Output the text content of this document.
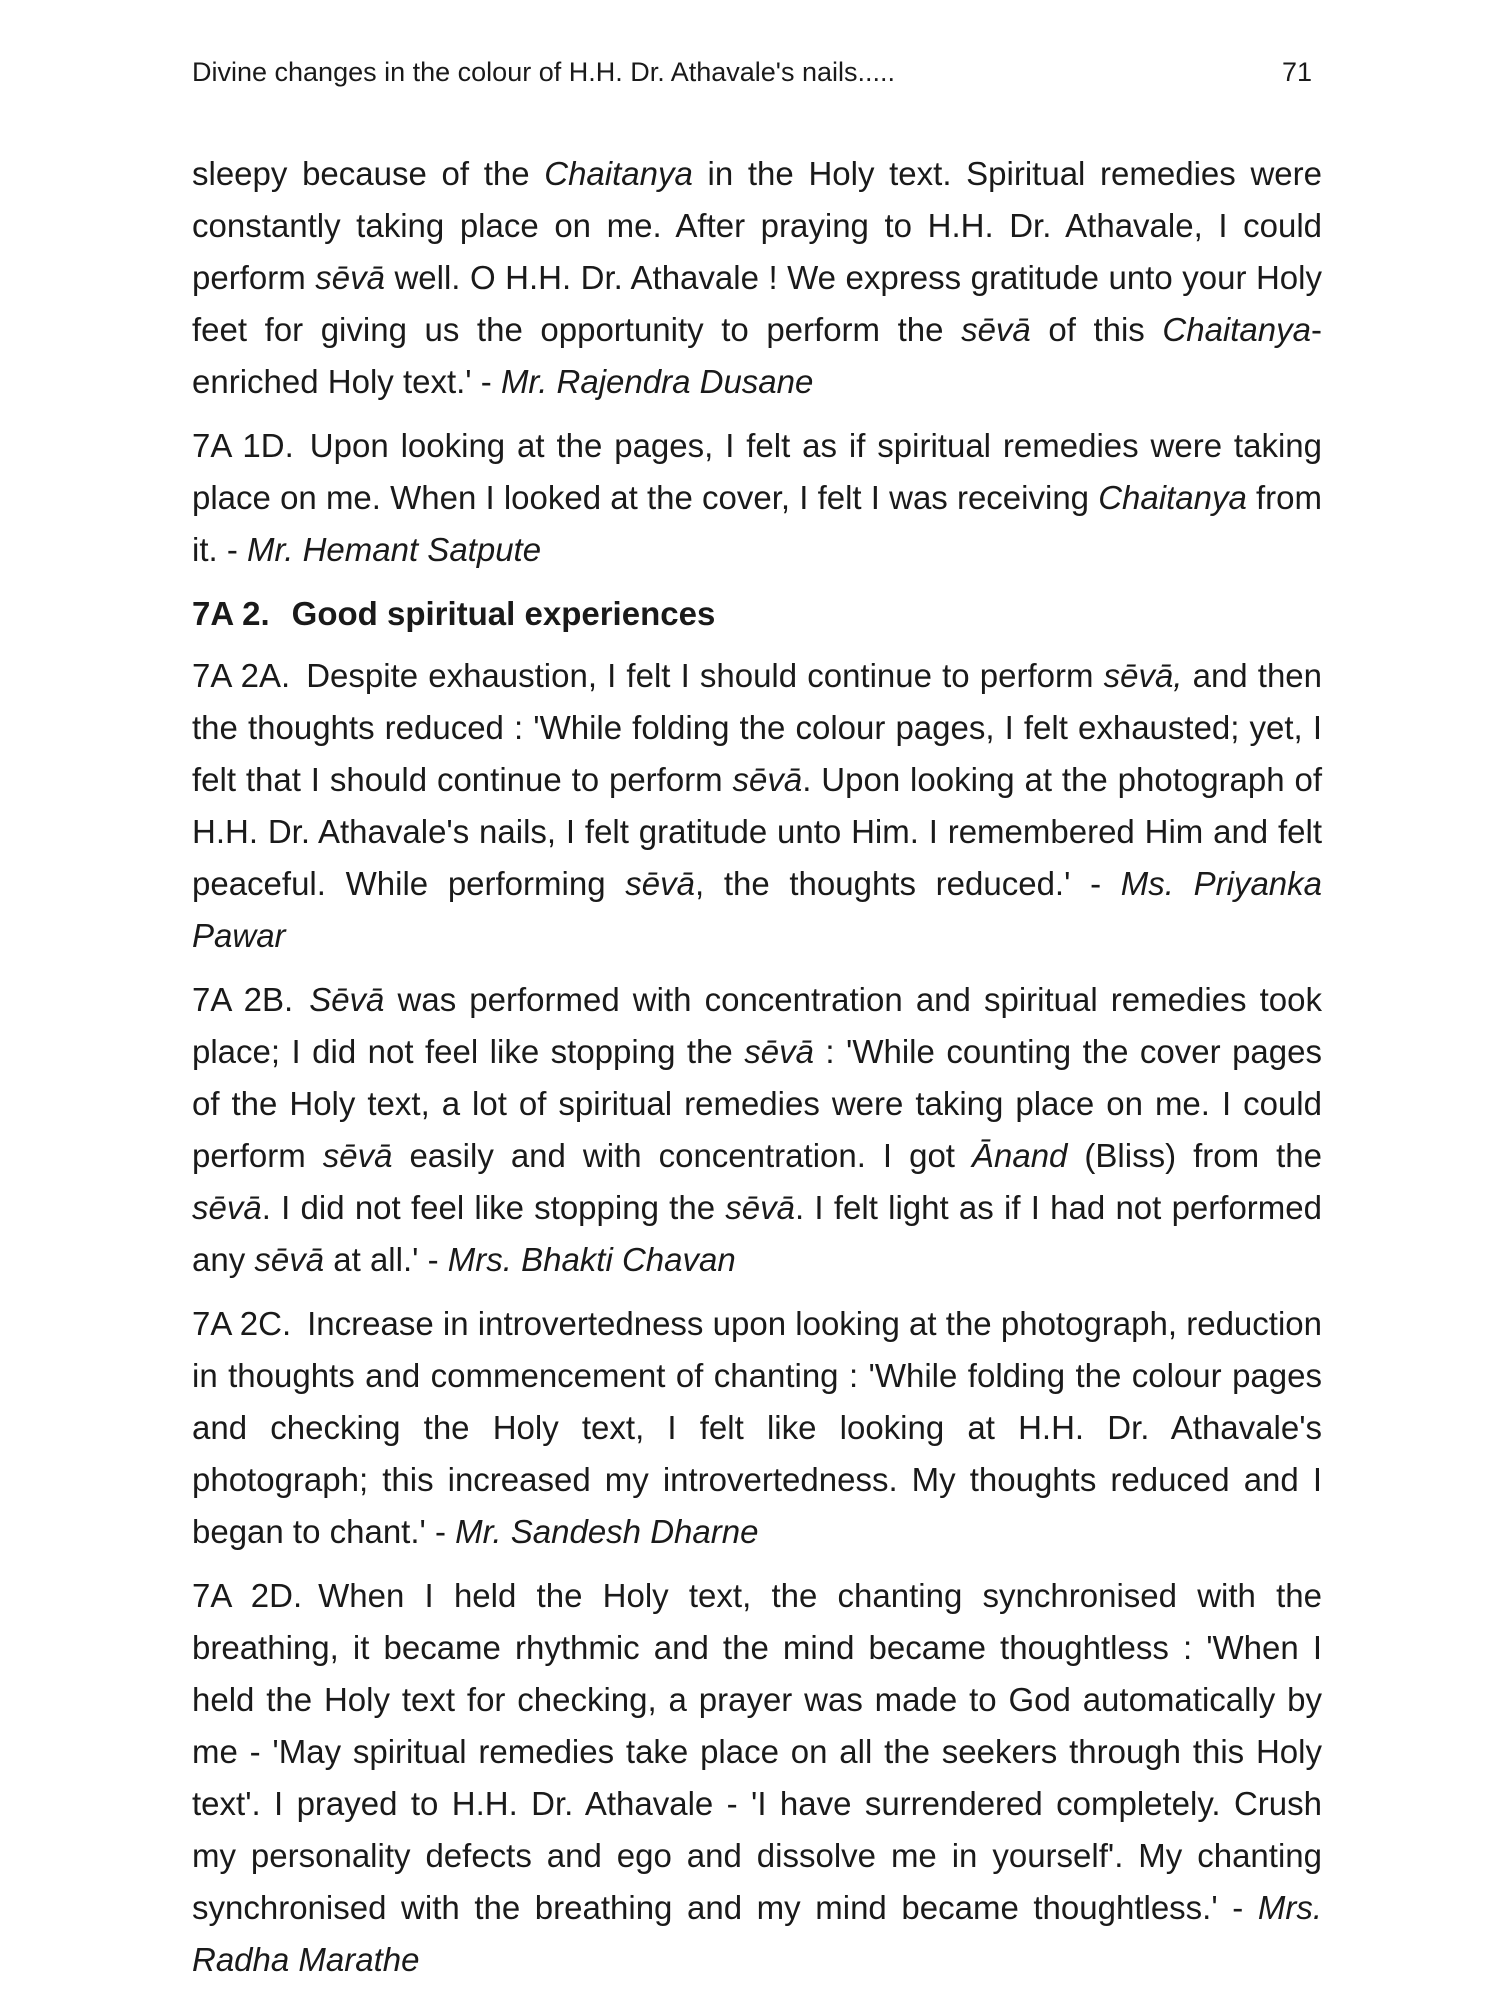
Divine changes in the colour of H.H. Dr. Athavale's nails.....	71

sleepy because of the Chaitanya in the Holy text. Spiritual remedies were constantly taking place on me. After praying to H.H. Dr. Athavale, I could perform sēvā well. O H.H. Dr. Athavale ! We express gratitude unto your Holy feet for giving us the opportunity to perform the sēvā of this Chaitanya-enriched Holy text.' - Mr. Rajendra Dusane

7A 1D. Upon looking at the pages, I felt as if spiritual remedies were taking place on me. When I looked at the cover, I felt I was receiving Chaitanya from it. - Mr. Hemant Satpute

7A 2. Good spiritual experiences

7A 2A. Despite exhaustion, I felt I should continue to perform sēvā, and then the thoughts reduced : 'While folding the colour pages, I felt exhausted; yet, I felt that I should continue to perform sēvā. Upon looking at the photograph of H.H. Dr. Athavale's nails, I felt gratitude unto Him. I remembered Him and felt peaceful. While performing sēvā, the thoughts reduced.' - Ms. Priyanka Pawar

7A 2B. Sēvā was performed with concentration and spiritual remedies took place; I did not feel like stopping the sēvā : 'While counting the cover pages of the Holy text, a lot of spiritual remedies were taking place on me. I could perform sēvā easily and with concentration. I got Ānand (Bliss) from the sēvā. I did not feel like stopping the sēvā. I felt light as if I had not performed any sēvā at all.' - Mrs. Bhakti Chavan

7A 2C. Increase in introvertedness upon looking at the photograph, reduction in thoughts and commencement of chanting : 'While folding the colour pages and checking the Holy text, I felt like looking at H.H. Dr. Athavale's photograph; this increased my introvertedness. My thoughts reduced and I began to chant.' - Mr. Sandesh Dharne

7A 2D. When I held the Holy text, the chanting synchronised with the breathing, it became rhythmic and the mind became thoughtless : 'When I held the Holy text for checking, a prayer was made to God automatically by me - 'May spiritual remedies take place on all the seekers through this Holy text'. I prayed to H.H. Dr. Athavale - 'I have surrendered completely. Crush my personality defects and ego and dissolve me in yourself'. My chanting synchronised with the breathing and my mind became thoughtless.' - Mrs. Radha Marathe
